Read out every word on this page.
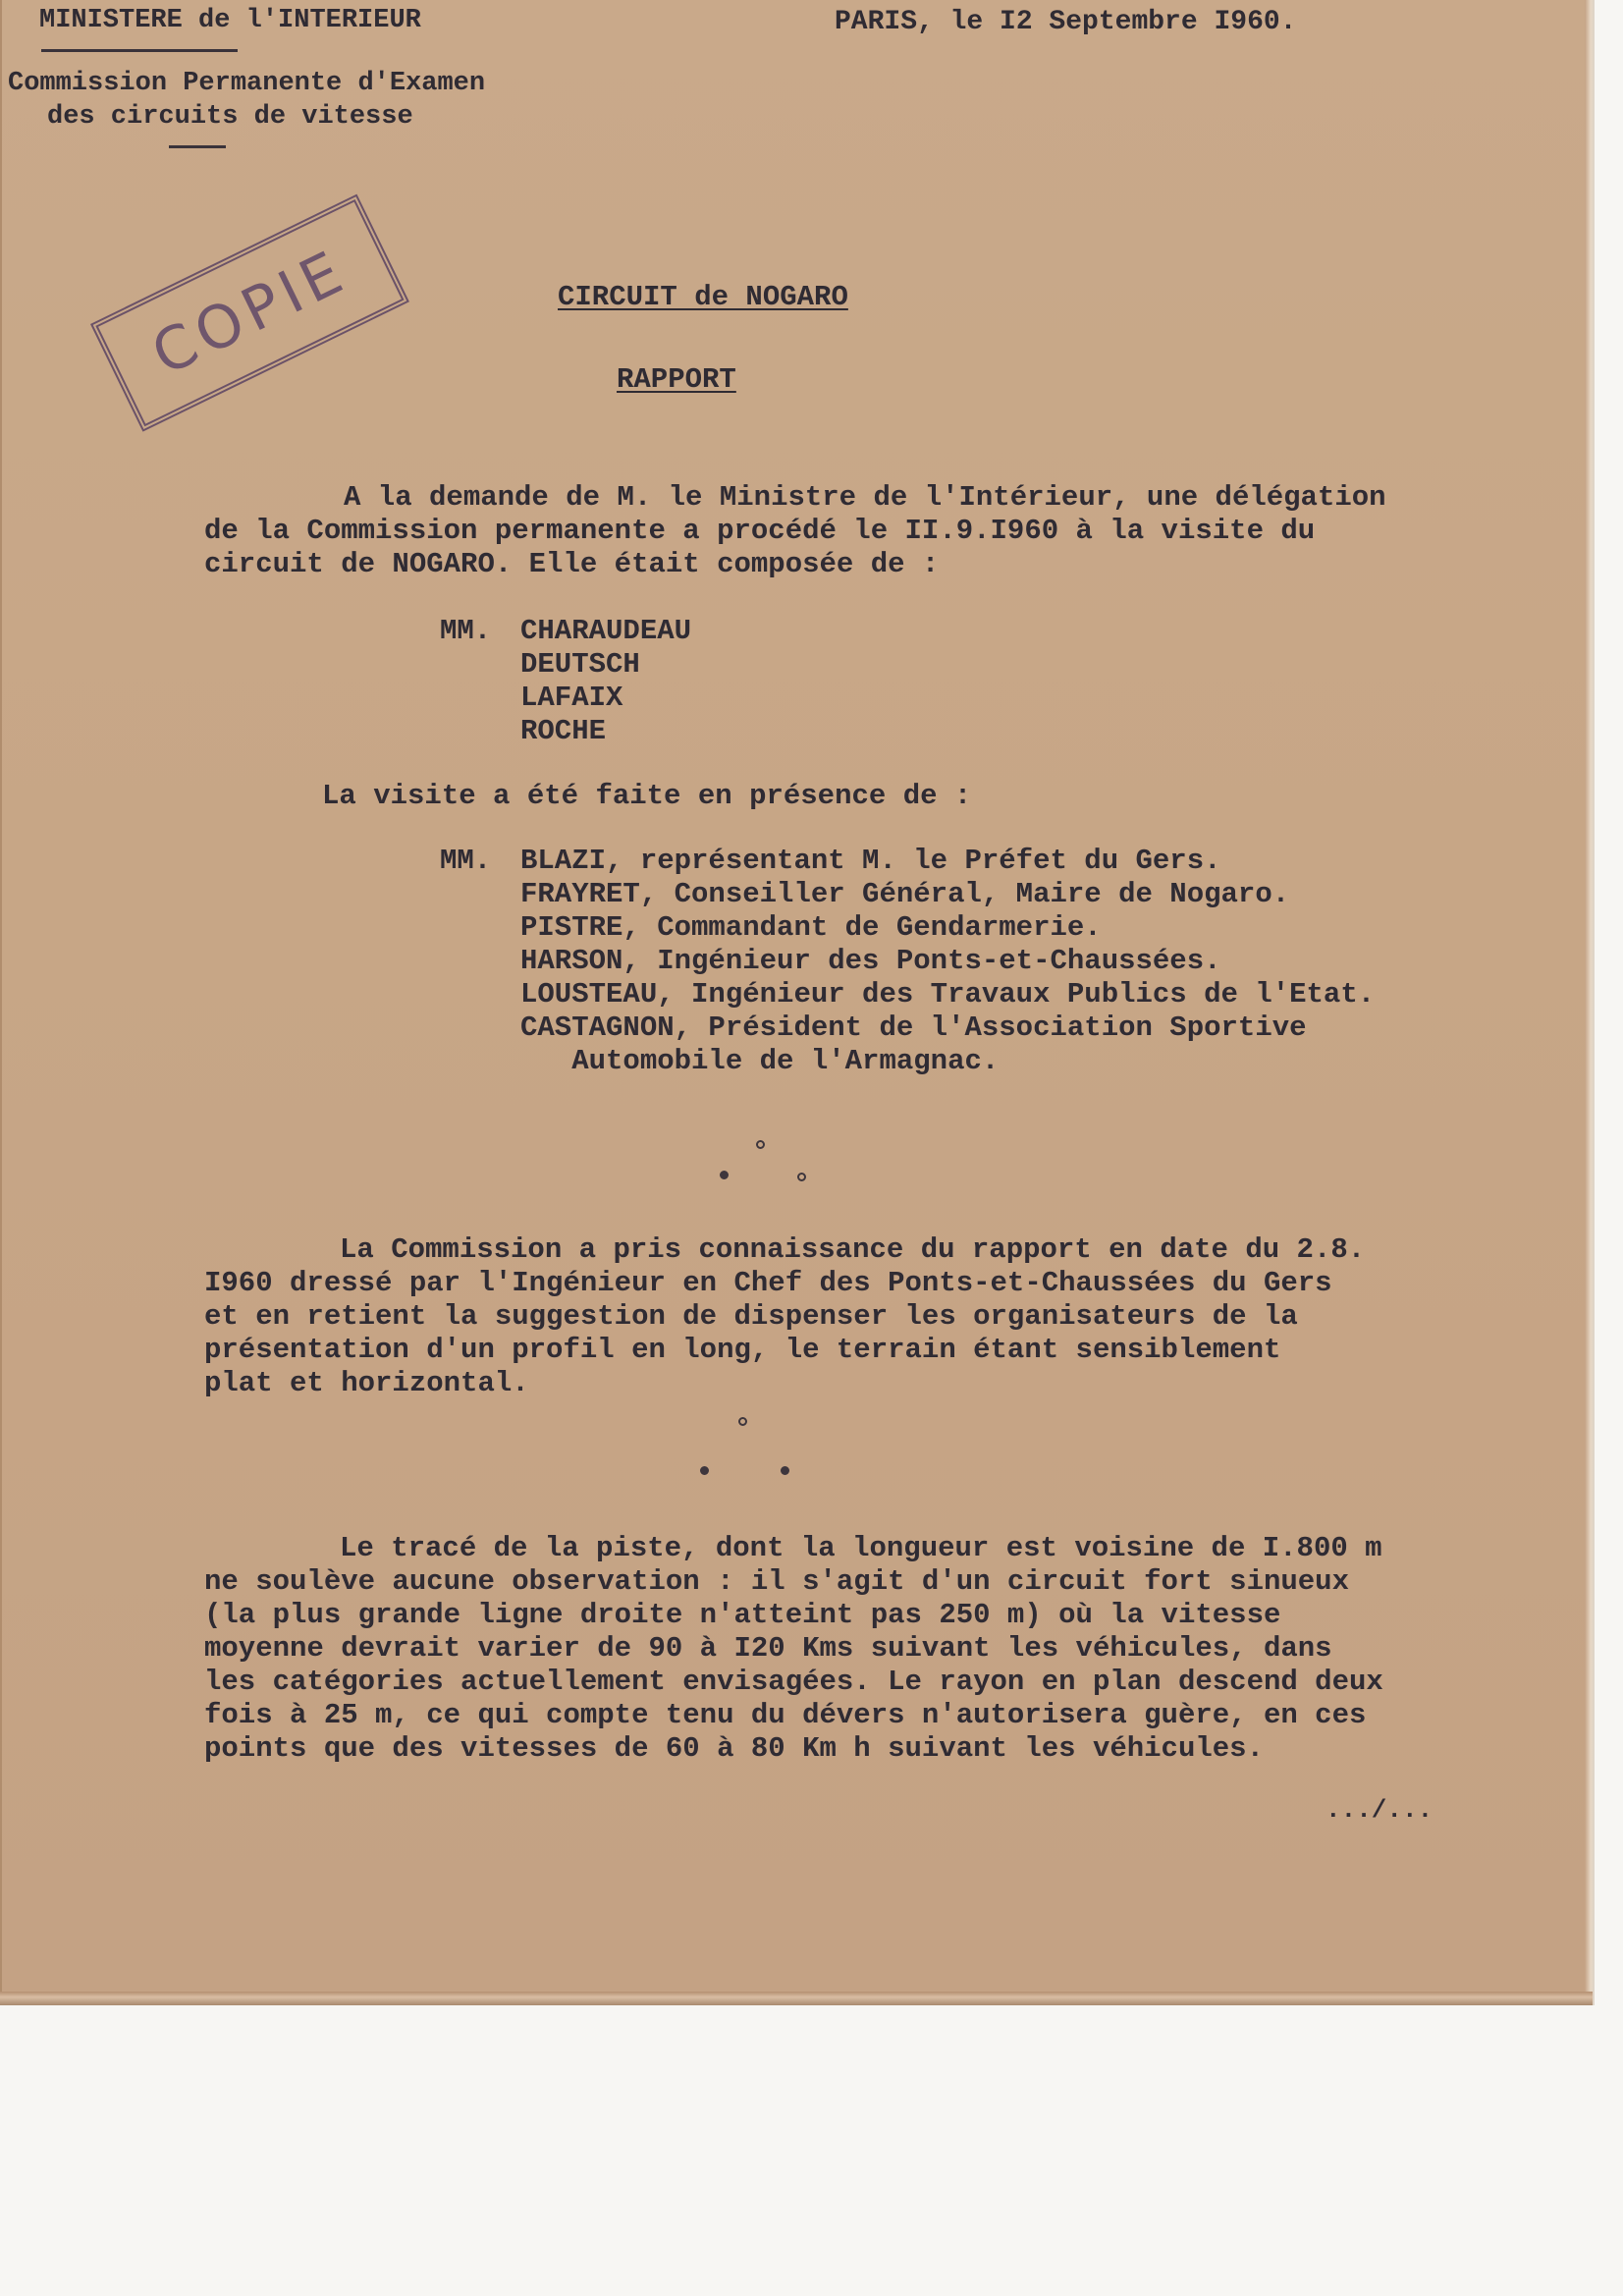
MINISTERE de l'INTERIEUR

Commission Permanente d'Examen

des circuits de vitesse

PARIS, le I2 Septembre I960.

COPIE	CIRCUIT de NOGARO

RAPPORT

A la demande de M. le Ministre de l'Intérieur, une délégation

de la Commission permanente a procédé le II.9.I960 à la visite du

circuit de NOGARO. Elle était composée de :

MM. CHARAUDEAU

DEUTSCH

LAFAIX

ROCHE

La visite a été faite en présence de :

MM. BLAZI, représentant M. le Préfet du Gers.

FRAYRET, Conseiller Général, Maire de Nogaro.

PISTRE, Commandant de Gendarmerie.

HARSON, Ingénieur des Ponts-et-Chaussées.

LOUSTEAU, Ingénieur des Travaux Publics de l'Etat.

CASTAGNON, Président de l'Association Sportive

Automobile de l'Armagnac.

La Commission a pris connaissance du rapport en date du 2.8.

I960 dressé par l'Ingénieur en Chef des Ponts-et-Chaussées du Gers

et en retient la suggestion de dispenser les organisateurs de la

présentation d'un profil en long, le terrain étant sensiblement

plat et horizontal.

Le tracé de la piste, dont la longueur est voisine de I.800 m

ne soulève aucune observation : il s'agit d'un circuit fort sinueux

(la plus grande ligne droite n'atteint pas 250 m) où la vitesse

moyenne devrait varier de 90 à I20 Kms suivant les véhicules, dans

les catégories actuellement envisagées. Le rayon en plan descend deux

fois à 25 m, ce qui compte tenu du dévers n'autorisera guère, en ces

points que des vitesses de 60 à 80 Km h suivant les véhicules.

.../...
